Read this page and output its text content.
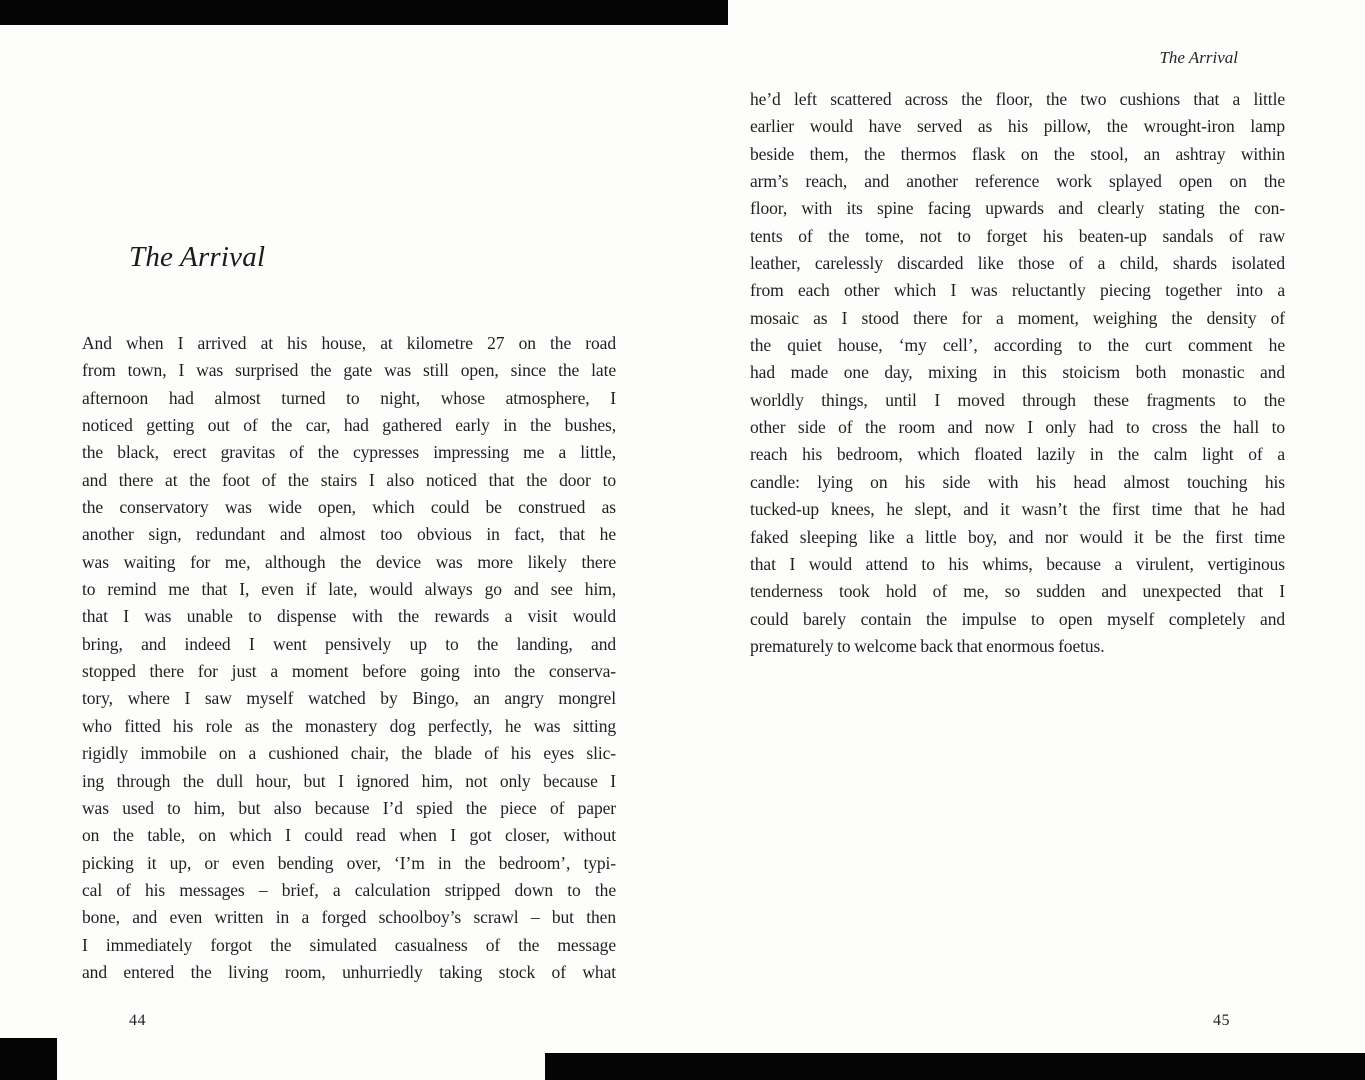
The Arrival
And when I arrived at his house, at kilometre 27 on the road
from town, I was surprised the gate was still open, since the late
afternoon had almost turned to night, whose atmosphere, I
noticed getting out of the car, had gathered early in the bushes,
the black, erect gravitas of the cypresses impressing me a little,
and there at the foot of the stairs I also noticed that the door to
the conservatory was wide open, which could be construed as
another sign, redundant and almost too obvious in fact, that he
was waiting for me, although the device was more likely there
to remind me that I, even if late, would always go and see him,
that I was unable to dispense with the rewards a visit would
bring, and indeed I went pensively up to the landing, and
stopped there for just a moment before going into the conserva-
tory, where I saw myself watched by Bingo, an angry mongrel
who fitted his role as the monastery dog perfectly, he was sitting
rigidly immobile on a cushioned chair, the blade of his eyes slic-
ing through the dull hour, but I ignored him, not only because I
was used to him, but also because I’d spied the piece of paper
on the table, on which I could read when I got closer, without
picking it up, or even bending over, ‘I’m in the bedroom’, typi-
cal of his messages – brief, a calculation stripped down to the
bone, and even written in a forged schoolboy’s scrawl – but then
I immediately forgot the simulated casualness of the message
and entered the living room, unhurriedly taking stock of what
44
The Arrival
he’d left scattered across the floor, the two cushions that a little
earlier would have served as his pillow, the wrought-iron lamp
beside them, the thermos flask on the stool, an ashtray within
arm’s reach, and another reference work splayed open on the
floor, with its spine facing upwards and clearly stating the con-
tents of the tome, not to forget his beaten-up sandals of raw
leather, carelessly discarded like those of a child, shards isolated
from each other which I was reluctantly piecing together into a
mosaic as I stood there for a moment, weighing the density of
the quiet house, ‘my cell’, according to the curt comment he
had made one day, mixing in this stoicism both monastic and
worldly things, until I moved through these fragments to the
other side of the room and now I only had to cross the hall to
reach his bedroom, which floated lazily in the calm light of a
candle: lying on his side with his head almost touching his
tucked-up knees, he slept, and it wasn’t the first time that he had
faked sleeping like a little boy, and nor would it be the first time
that I would attend to his whims, because a virulent, vertiginous
tenderness took hold of me, so sudden and unexpected that I
could barely contain the impulse to open myself completely and
prematurely to welcome back that enormous foetus.
45
